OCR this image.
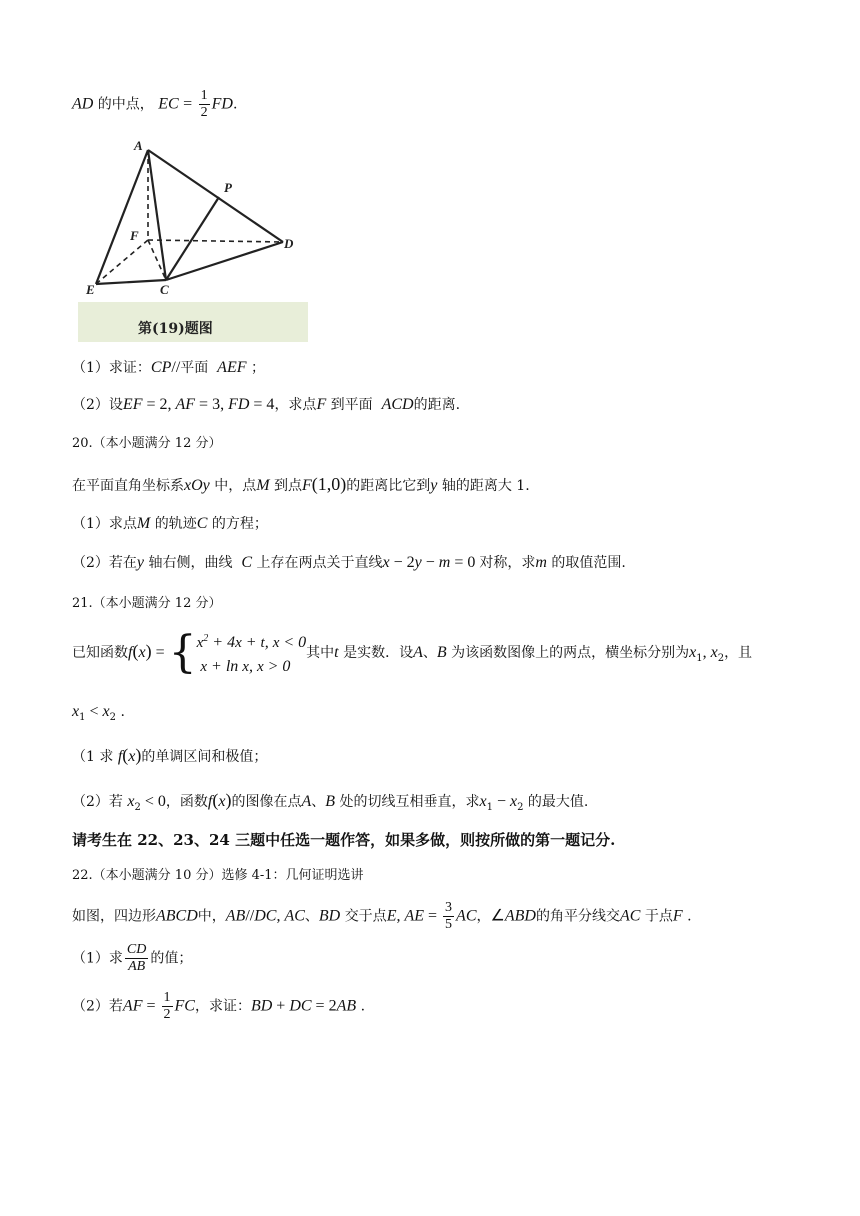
AD 的中点， EC = $\frac{1}{2}$ FD.
A
P
F
D
E	C
第(19)题图
（1）求证：CP//平面 AEF ；
（2）设EF = 2, AF = 3, FD = 4，求点F 到平面 ACD的距离.
20.（本小题满分 12 分）
在平面直角坐标系xOy 中，点M 到点F(1,0)的距离比它到y 轴的距离大 1.
（1）求点M 的轨迹C 的方程；
（2）若在y 轴右侧，曲线 C 上存在两点关于直线x − 2y − m = 0 对称，求m 的取值范围.
21.（本小题满分 12 分）
已知函数f(x) = { $x^2 + 4x + t$, x < 0
x + ln x, x > 0
其中t 是实数．设A、B 为该函数图像上的两点，横坐标分别为$x_1$, $x_2$，且
$x_1 < x_2$ .
（1 求 f(x)的单调区间和极值；
（2）若 $x_2 < 0$，函数f(x)的图像在点A、B 处的切线互相垂直，求$x_1 - x_2$ 的最大值.
请考生在 22、23、24 三题中任选一题作答，如果多做，则按所做的第一题记分.
22.（本小题满分 10 分）选修 4-1：几何证明选讲
如图，四边形ABCD中，AB//DC, AC、BD 交于点E, AE = $\frac{3}{5}$ AC，∠ABD的角平分线交AC 于点F .
（1）求 $\frac{CD}{AB}$ 的值；
（2）若AF = $\frac{1}{2}$ FC，求证：BD + DC = 2AB .
